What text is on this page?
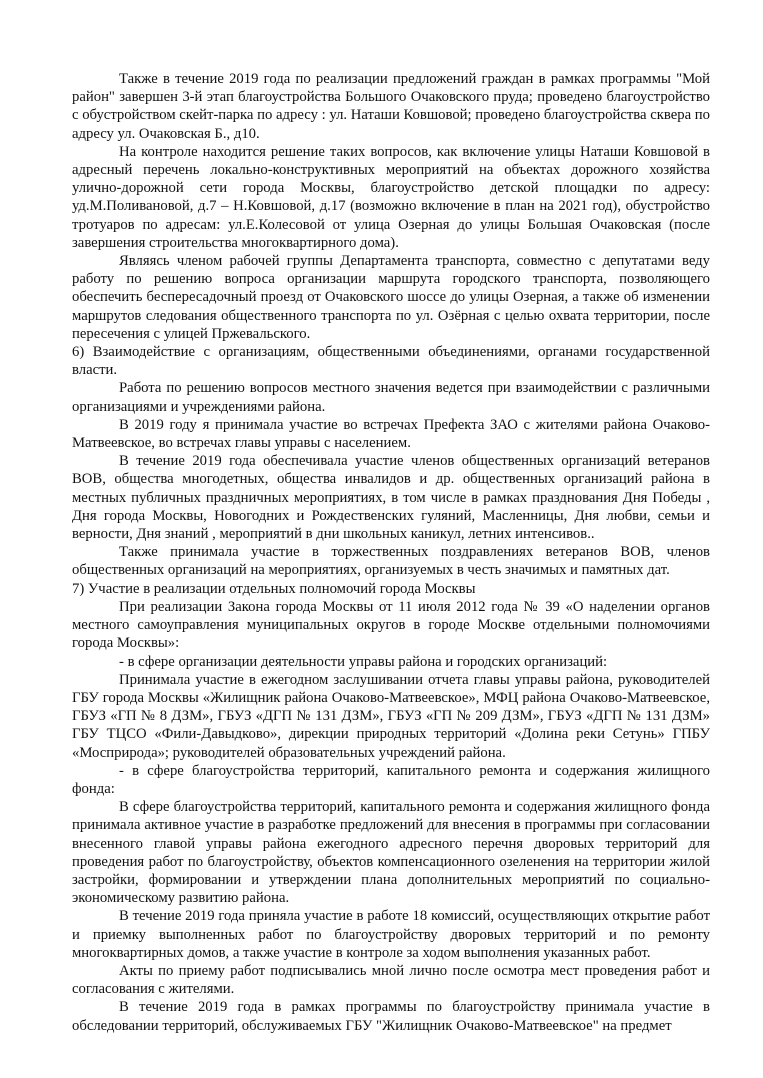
Также в течение 2019 года по реализации предложений граждан в рамках программы "Мой район" завершен 3-й этап благоустройства Большого Очаковского пруда; проведено благоустройство с обустройством скейт-парка по адресу : ул. Наташи Ковшовой; проведено благоустройства сквера по адресу ул. Очаковская Б., д10.

На контроле находится решение таких вопросов, как включение улицы Наташи Ковшовой в адресный перечень локально-конструктивных мероприятий на объектах дорожного хозяйства улично-дорожной сети города Москвы, благоустройство детской площадки по адресу: уд.М.Поливановой, д.7 – Н.Ковшовой, д.17 (возможно включение в план на 2021 год), обустройство тротуаров по адресам: ул.Е.Колесовой от улица Озерная до улицы Большая Очаковская (после завершения строительства многоквартирного дома).

Являясь членом рабочей группы Департамента транспорта, совместно с депутатами веду работу по решению вопроса организации маршрута городского транспорта, позволяющего обеспечить беспересадочный проезд от Очаковского шоссе до улицы Озерная, а также об изменении маршрутов следования общественного транспорта по ул. Озёрная с целью охвата территории, после пересечения с улицей Пржевальского.

6) Взаимодействие с организациям, общественными объединениями, органами государственной власти.

Работа по решению вопросов местного значения ведется при взаимодействии с различными организациями и учреждениями района.

В 2019 году я принимала участие во встречах Префекта ЗАО с жителями района Очаково-Матвеевское, во встречах главы управы с населением.

В течение 2019 года обеспечивала участие членов общественных организаций ветеранов ВОВ, общества многодетных, общества инвалидов и др. общественных организаций района в местных публичных праздничных мероприятиях, в том числе в рамках празднования Дня Победы , Дня города Москвы, Новогодних и Рождественских гуляний, Масленницы, Дня любви, семьи и верности, Дня знаний , мероприятий в дни школьных каникул, летних интенсивов..

Также принимала участие в торжественных поздравлениях ветеранов ВОВ, членов общественных организаций на мероприятиях, организуемых в честь значимых и памятных дат.

7) Участие в реализации отдельных полномочий города Москвы

При реализации Закона города Москвы от 11 июля 2012 года № 39 «О наделении органов местного самоуправления муниципальных округов в городе Москве отдельными полномочиями города Москвы»:

- в сфере организации деятельности управы района и городских организаций:

Принимала участие в ежегодном заслушивании отчета главы управы района, руководителей ГБУ города Москвы «Жилищник района Очаково-Матвеевское», МФЦ района Очаково-Матвеевское, ГБУЗ «ГП № 8 ДЗМ», ГБУЗ «ДГП № 131 ДЗМ», ГБУЗ «ГП № 209 ДЗМ», ГБУЗ «ДГП № 131 ДЗМ» ГБУ ТЦСО «Фили-Давыдково», дирекции природных территорий «Долина реки Сетунь» ГПБУ «Мосприрода»; руководителей образовательных учреждений района.

- в сфере благоустройства территорий, капитального ремонта и содержания жилищного фонда:

В сфере благоустройства территорий, капитального ремонта и содержания жилищного фонда принимала активное участие в разработке предложений для внесения в программы при согласовании внесенного главой управы района ежегодного адресного перечня дворовых территорий для проведения работ по благоустройству, объектов компенсационного озеленения на территории жилой застройки, формировании и утверждении плана дополнительных мероприятий по социально-экономическому развитию района.

В течение 2019 года приняла участие в работе 18 комиссий, осуществляющих открытие работ и приемку выполненных работ по благоустройству дворовых территорий и по ремонту многоквартирных домов, а также участие в контроле за ходом выполнения указанных работ.

Акты по приему работ подписывались мной лично после осмотра мест проведения работ и согласования с жителями.

В течение 2019 года в рамках программы по благоустройству принимала участие в обследовании территорий, обслуживаемых ГБУ "Жилищник Очаково-Матвеевское" на предмет
